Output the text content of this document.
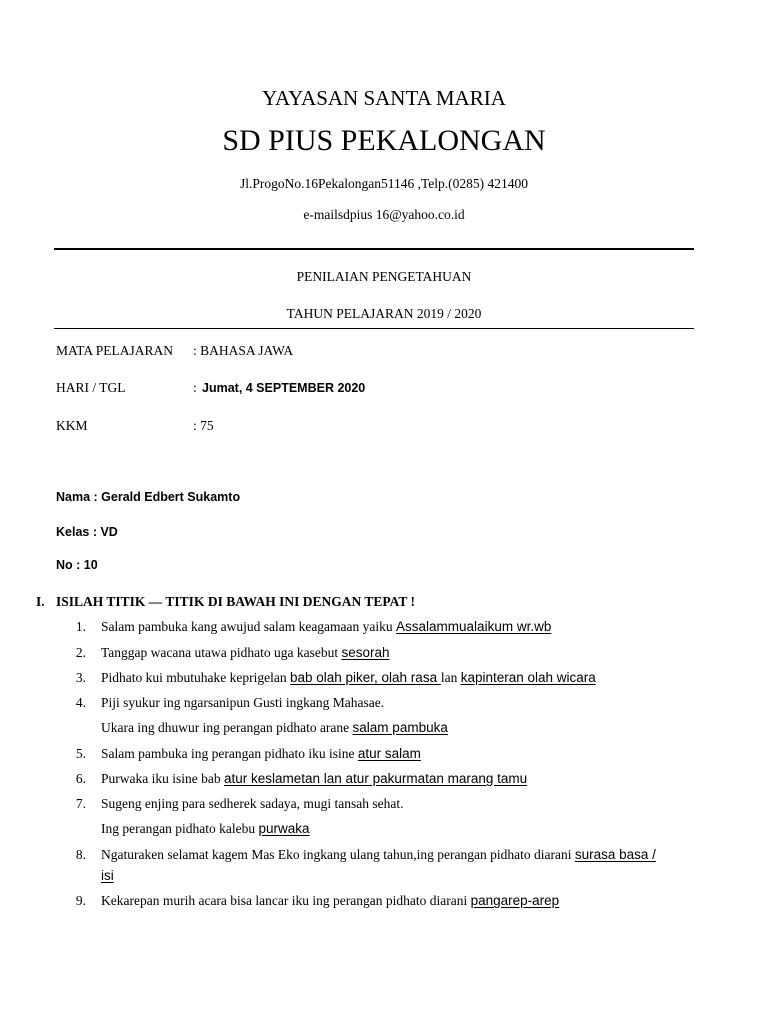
YAYASAN SANTA MARIA
SD PIUS PEKALONGAN
Jl.ProgoNo.16Pekalongan51146 ,Telp.(0285) 421400
e-mailsdpius 16@yahoo.co.id
PENILAIAN PENGETAHUAN
TAHUN PELAJARAN 2019 / 2020
MATA PELAJARAN : BAHASA JAWA
HARI / TGL	: Jumat, 4 SEPTEMBER 2020
KKM	: 75
Nama : Gerald Edbert Sukamto
Kelas : VD
No : 10
I. ISILAH TITIK — TITIK DI BAWAH INI DENGAN TEPAT !
1. Salam pambuka kang awujud salam keagamaan yaiku Assalammualaikum wr.wb
2. Tanggap wacana utawa pidhato uga kasebut sesorah
3. Pidhato kui mbutuhake keprigelan bab olah piker, olah rasa lan kapinteran olah wicara
4. Piji syukur ing ngarsanipun Gusti ingkang Mahasae.
Ukara ing dhuwur ing perangan pidhato arane salam pambuka
5. Salam pambuka ing perangan pidhato iku isine atur salam
6. Purwaka iku isine bab atur keslametan lan atur pakurmatan marang tamu
7. Sugeng enjing para sedherek sadaya, mugi tansah sehat.
Ing perangan pidhato kalebu purwaka
8. Ngaturaken selamat kagem Mas Eko ingkang ulang tahun,ing perangan pidhato diarani surasa basa /
isi
9. Kekarepan murih acara bisa lancar iku ing perangan pidhato diarani pangarep-arep
